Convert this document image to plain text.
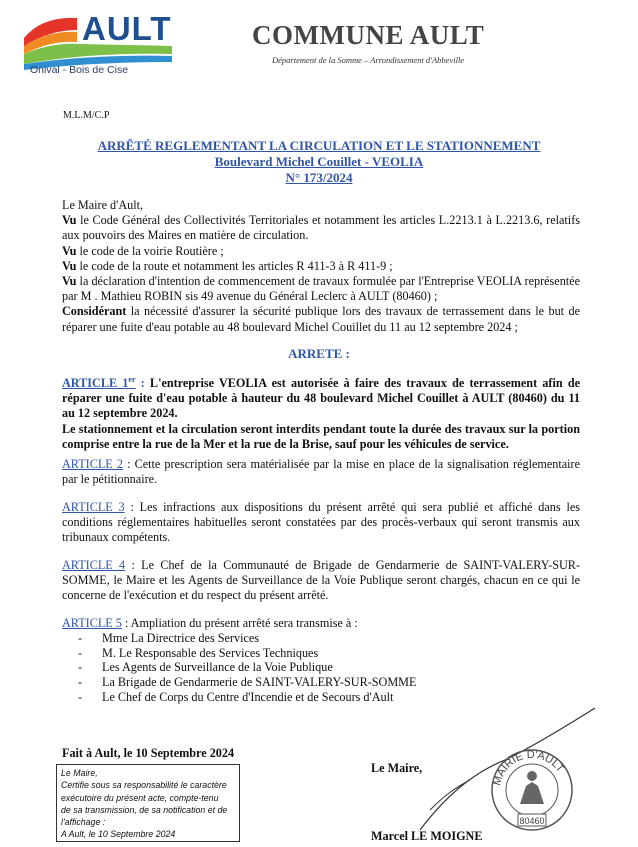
AULT
Onival - Bois de Cise
COMMUNE AULT
Département de la Somme – Arrondissement d'Abbeville
M.L.M/C.P
ARRÊTÉ REGLEMENTANT LA CIRCULATION ET LE STATIONNEMENT
Boulevard Michel Couillet - VEOLIA
N° 173/2024

Le Maire d'Ault,

Vu le Code Général des Collectivités Territoriales et notamment les articles L.2213.1 à L.2213.6, relatifs aux pouvoirs des Maires en matière de circulation.

Vu le code de la voirie Routière ;

Vu le code de la route et notamment les articles R 411-3 à R 411-9 ;

Vu la déclaration d'intention de commencement de travaux formulée par l'Entreprise VEOLIA représentée par M . Mathieu ROBIN sis 49 avenue du Général Leclerc à AULT (80460) ;

Considérant la nécessité d'assurer la sécurité publique lors des travaux de terrassement dans le but de réparer une fuite d'eau potable au 48 boulevard Michel Couillet du 11 au 12 septembre 2024 ;

ARRETE :

ARTICLE 1er : L'entreprise VEOLIA est autorisée à faire des travaux de terrassement afin de réparer une fuite d'eau potable à hauteur du 48 boulevard Michel Couillet à AULT (80460) du 11 au 12 septembre 2024.

Le stationnement et la circulation seront interdits pendant toute la durée des travaux sur la portion comprise entre la rue de la Mer et la rue de la Brise, sauf pour les véhicules de service.

ARTICLE 2 : Cette prescription sera matérialisée par la mise en place de la signalisation réglementaire par le pétitionnaire.

ARTICLE 3 : Les infractions aux dispositions du présent arrêté qui sera publié et affiché dans les conditions réglementaires habituelles seront constatées par des procès-verbaux qui seront transmis aux tribunaux compétents.

ARTICLE 4 : Le Chef de la Communauté de Brigade de Gendarmerie de SAINT-VALERY-SUR-SOMME, le Maire et les Agents de Surveillance de la Voie Publique seront chargés, chacun en ce qui le concerne de l'exécution et du respect du présent arrêté.

ARTICLE 5 : Ampliation du présent arrêté sera transmise à :

- Mme La Directrice des Services
- M. Le Responsable des Services Techniques
- Les Agents de Surveillance de la Voie Publique
- La Brigade de Gendarmerie de SAINT-VALERY-SUR-SOMME
- Le Chef de Corps du Centre d'Incendie et de Secours d'Ault
Fait à Ault, le 10 Septembre 2024
Le Maire,
Certifie sous sa responsabilité le caractère
exécutoire du présent acte, compte-tenu
de sa transmission, de sa notification et de
l'affichage :
A Ault, le 10 Septembre 2024
Le Maire,
MAIRIE D'AULT
80460
Marcel LE MOIGNE
